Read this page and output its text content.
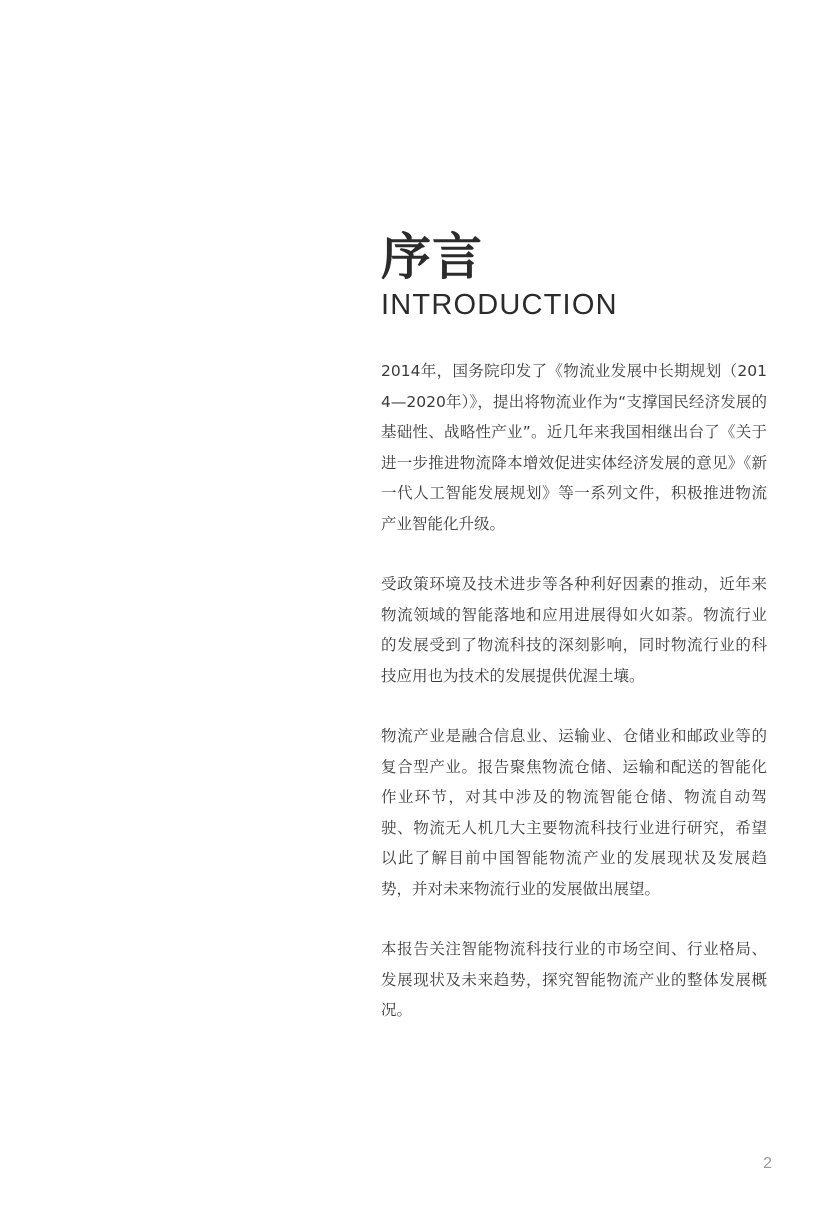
序言
INTRODUCTION

2014年，国务院印发了《物流业发展中长期规划（2014—2020年）》，提出将物流业作为“支撑国民经济发展的基础性、战略性产业”。近几年来我国相继出台了《关于进一步推进物流降本增效促进实体经济发展的意见》《新一代人工智能发展规划》等一系列文件，积极推进物流产业智能化升级。

受政策环境及技术进步等各种利好因素的推动，近年来物流领域的智能落地和应用进展得如火如荼。物流行业的发展受到了物流科技的深刻影响，同时物流行业的科技应用也为技术的发展提供优渥土壤。

物流产业是融合信息业、运输业、仓储业和邮政业等的复合型产业。报告聚焦物流仓储、运输和配送的智能化作业环节，对其中涉及的物流智能仓储、物流自动驾驶、物流无人机几大主要物流科技行业进行研究，希望以此了解目前中国智能物流产业的发展现状及发展趋势，并对未来物流行业的发展做出展望。

本报告关注智能物流科技行业的市场空间、行业格局、发展现状及未来趋势，探究智能物流产业的整体发展概况。

2
